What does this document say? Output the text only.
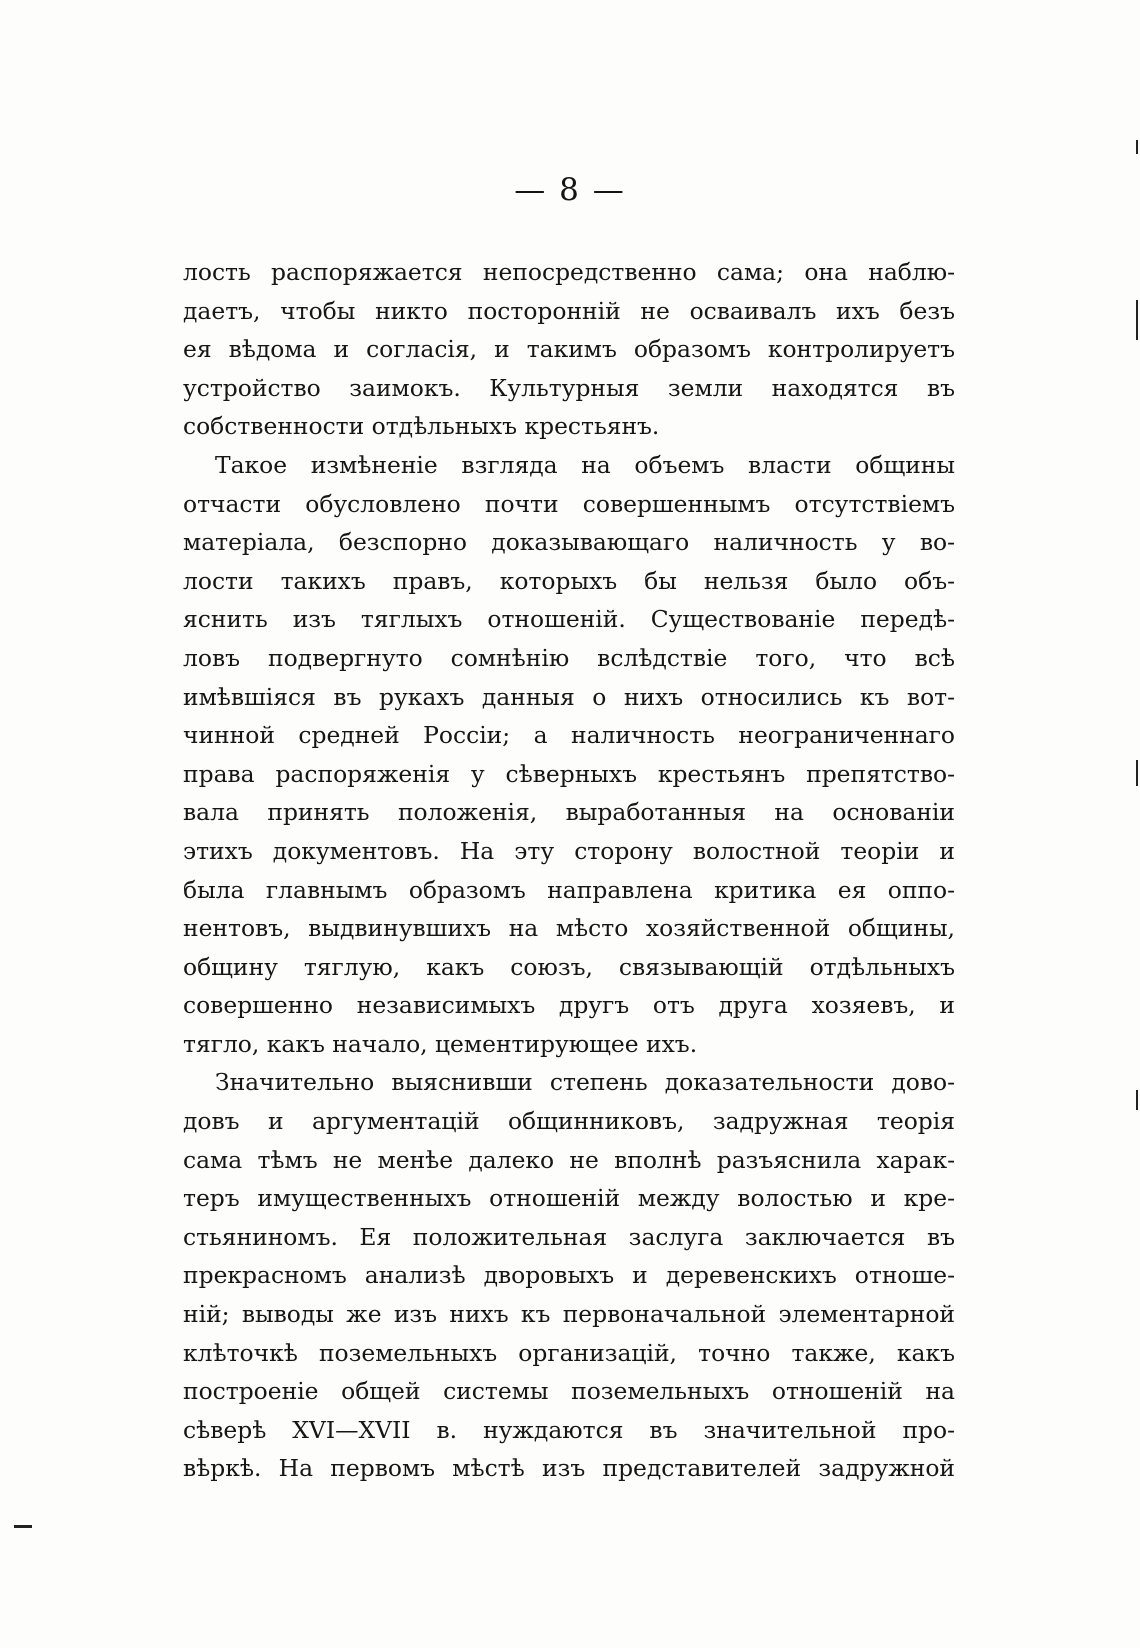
— 8 —
лость распоряжается непосредственно сама; она наблю-
даетъ, чтобы никто посторонній не осваивалъ ихъ безъ
ея вѣдома и согласія, и такимъ образомъ контролируетъ
устройство заимокъ. Культурныя земли находятся въ
собственности отдѣльныхъ крестьянъ.
Такое измѣненіе взгляда на объемъ власти общины
отчасти обусловлено почти совершеннымъ отсутствіемъ
матеріала, безспорно доказывающаго наличность у во-
лости такихъ правъ, которыхъ бы нельзя было объ-
яснить изъ тяглыхъ отношеній. Существованіе передѣ-
ловъ подвергнуто сомнѣнію вслѣдствіе того, что всѣ
имѣвшіяся въ рукахъ данныя о нихъ относились къ вот-
чинной средней Россіи; а наличность неограниченнаго
права распоряженія у сѣверныхъ крестьянъ препятство-
вала принять положенія, выработанныя на основаніи
этихъ документовъ. На эту сторону волостной теоріи и
была главнымъ образомъ направлена критика ея оппо-
нентовъ, выдвинувшихъ на мѣсто хозяйственной общины,
общину тяглую, какъ союзъ, связывающій отдѣльныхъ
совершенно независимыхъ другъ отъ друга хозяевъ, и
тягло, какъ начало, цементирующее ихъ.
Значительно выяснивши степень доказательности дово-
довъ и аргументацій общинниковъ, задружная теорія
сама тѣмъ не менѣе далеко не вполнѣ разъяснила харак-
теръ имущественныхъ отношеній между волостью и кре-
стьяниномъ. Ея положительная заслуга заключается въ
прекрасномъ анализѣ дворовыхъ и деревенскихъ отноше-
ній; выводы же изъ нихъ къ первоначальной элементарной
клѣточкѣ поземельныхъ организацій, точно также, какъ
построеніе общей системы поземельныхъ отношеній на
сѣверѣ XVI—XVII в. нуждаются въ значительной про-
вѣркѣ. На первомъ мѣстѣ изъ представителей задружной
